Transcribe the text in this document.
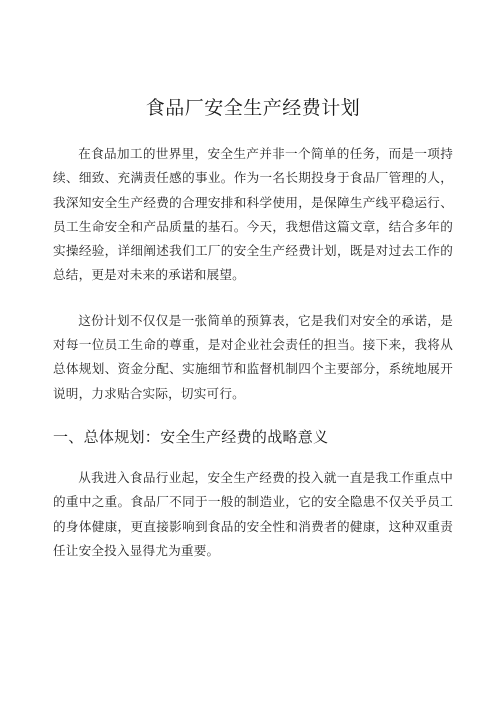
食品厂安全生产经费计划

在食品加工的世界里，安全生产并非一个简单的任务，而是一项持续、细致、充满责任感的事业。作为一名长期投身于食品厂管理的人，我深知安全生产经费的合理安排和科学使用，是保障生产线平稳运行、员工生命安全和产品质量的基石。今天，我想借这篇文章，结合多年的实操经验，详细阐述我们工厂的安全生产经费计划，既是对过去工作的总结，更是对未来的承诺和展望。

这份计划不仅仅是一张简单的预算表，它是我们对安全的承诺，是对每一位员工生命的尊重，是对企业社会责任的担当。接下来，我将从总体规划、资金分配、实施细节和监督机制四个主要部分，系统地展开说明，力求贴合实际，切实可行。

一、总体规划：安全生产经费的战略意义

从我进入食品行业起，安全生产经费的投入就一直是我工作重点中的重中之重。食品厂不同于一般的制造业，它的安全隐患不仅关乎员工的身体健康，更直接影响到食品的安全性和消费者的健康，这种双重责任让安全投入显得尤为重要。
